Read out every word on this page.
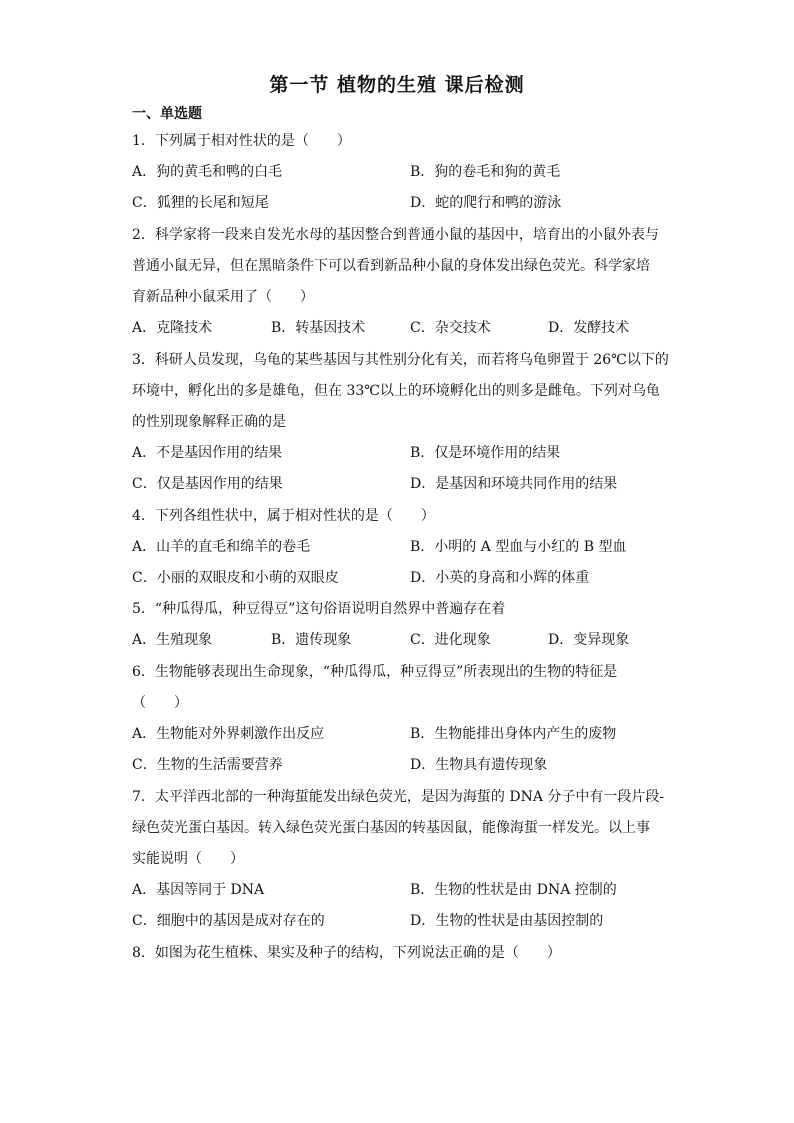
第一节 植物的生殖 课后检测
一、单选题
1．下列属于相对性状的是（　　）
A．狗的黄毛和鸭的白毛	B．狗的卷毛和狗的黄毛
C．狐狸的长尾和短尾	D．蛇的爬行和鸭的游泳
2．科学家将一段来自发光水母的基因整合到普通小鼠的基因中，培育出的小鼠外表与
普通小鼠无异，但在黑暗条件下可以看到新品种小鼠的身体发出绿色荧光。科学家培
育新品种小鼠采用了（　　）
A．克隆技术	B．转基因技术	C．杂交技术	D．发酵技术
3．科研人员发现，乌龟的某些基因与其性别分化有关，而若将乌龟卵置于 26℃以下的
环境中，孵化出的多是雄龟，但在 33℃以上的环境孵化出的则多是雌龟。下列对乌龟
的性别现象解释正确的是
A．不是基因作用的结果	B．仅是环境作用的结果
C．仅是基因作用的结果	D．是基因和环境共同作用的结果
4．下列各组性状中，属于相对性状的是（　　）
A．山羊的直毛和绵羊的卷毛	B．小明的 A 型血与小红的 B 型血
C．小丽的双眼皮和小萌的双眼皮	D．小英的身高和小辉的体重
5．“种瓜得瓜，种豆得豆”这句俗语说明自然界中普遍存在着
A．生殖现象	B．遗传现象	C．进化现象	D．变异现象
6．生物能够表现出生命现象，“种瓜得瓜，种豆得豆”所表现出的生物的特征是
（　　）
A．生物能对外界刺激作出反应	B．生物能排出身体内产生的废物
C．生物的生活需要营养	D．生物具有遗传现象
7．太平洋西北部的一种海蜇能发出绿色荧光，是因为海蜇的 DNA 分子中有一段片段-
绿色荧光蛋白基因。转入绿色荧光蛋白基因的转基因鼠，能像海蜇一样发光。以上事
实能说明（　　）
A．基因等同于 DNA	B．生物的性状是由 DNA 控制的
C．细胞中的基因是成对存在的	D．生物的性状是由基因控制的
8．如图为花生植株、果实及种子的结构，下列说法正确的是（　　）
